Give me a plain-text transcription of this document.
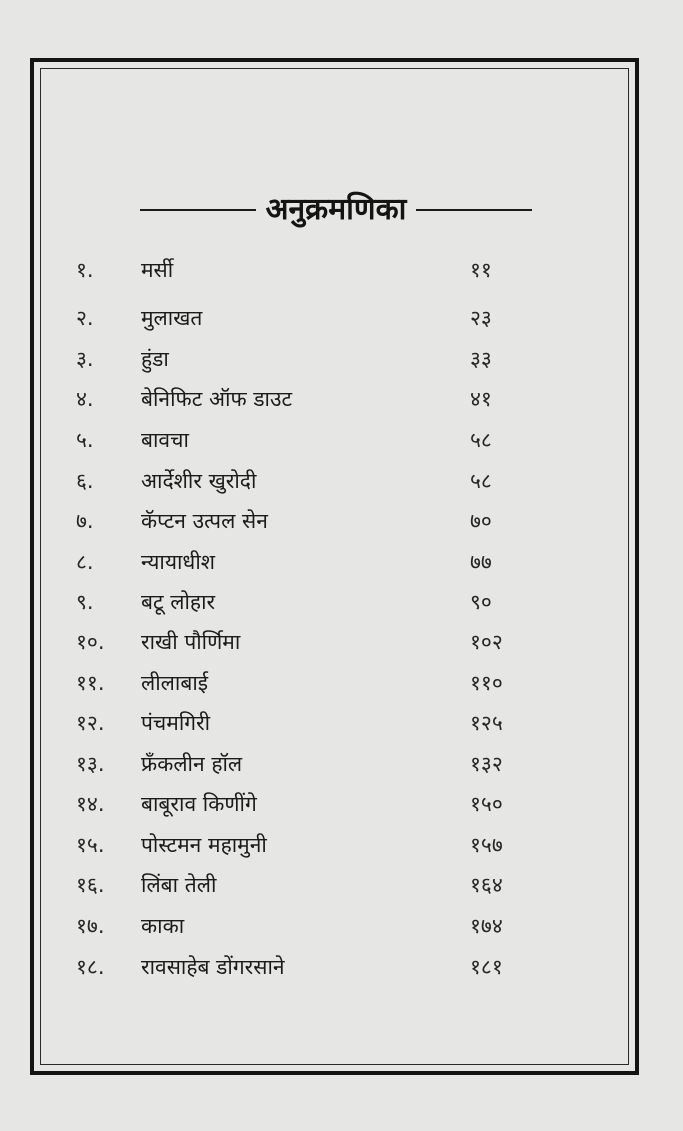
अनुक्रमणिका
१.	मर्सी	११
२.	मुलाखत	२३
३.	हुंडा	३३
४.	बेनिफिट ऑफ डाउट	४१
५.	बावचा	५८
६.	आर्देशीर खुरोदी	५८
७.	कॅप्टन उत्पल सेन	७०
८.	न्यायाधीश	७७
९.	बटू लोहार	९०
१०.	राखी पौर्णिमा	१०२
११.	लीलाबाई	११०
१२.	पंचमगिरी	१२५
१३.	फ्रँकलीन हॉल	१३२
१४.	बाबूराव किणींगे	१५०
१५.	पोस्टमन महामुनी	१५७
१६.	लिंबा तेली	१६४
१७.	काका	१७४
१८.	रावसाहेब डोंगरसाने	१८१
